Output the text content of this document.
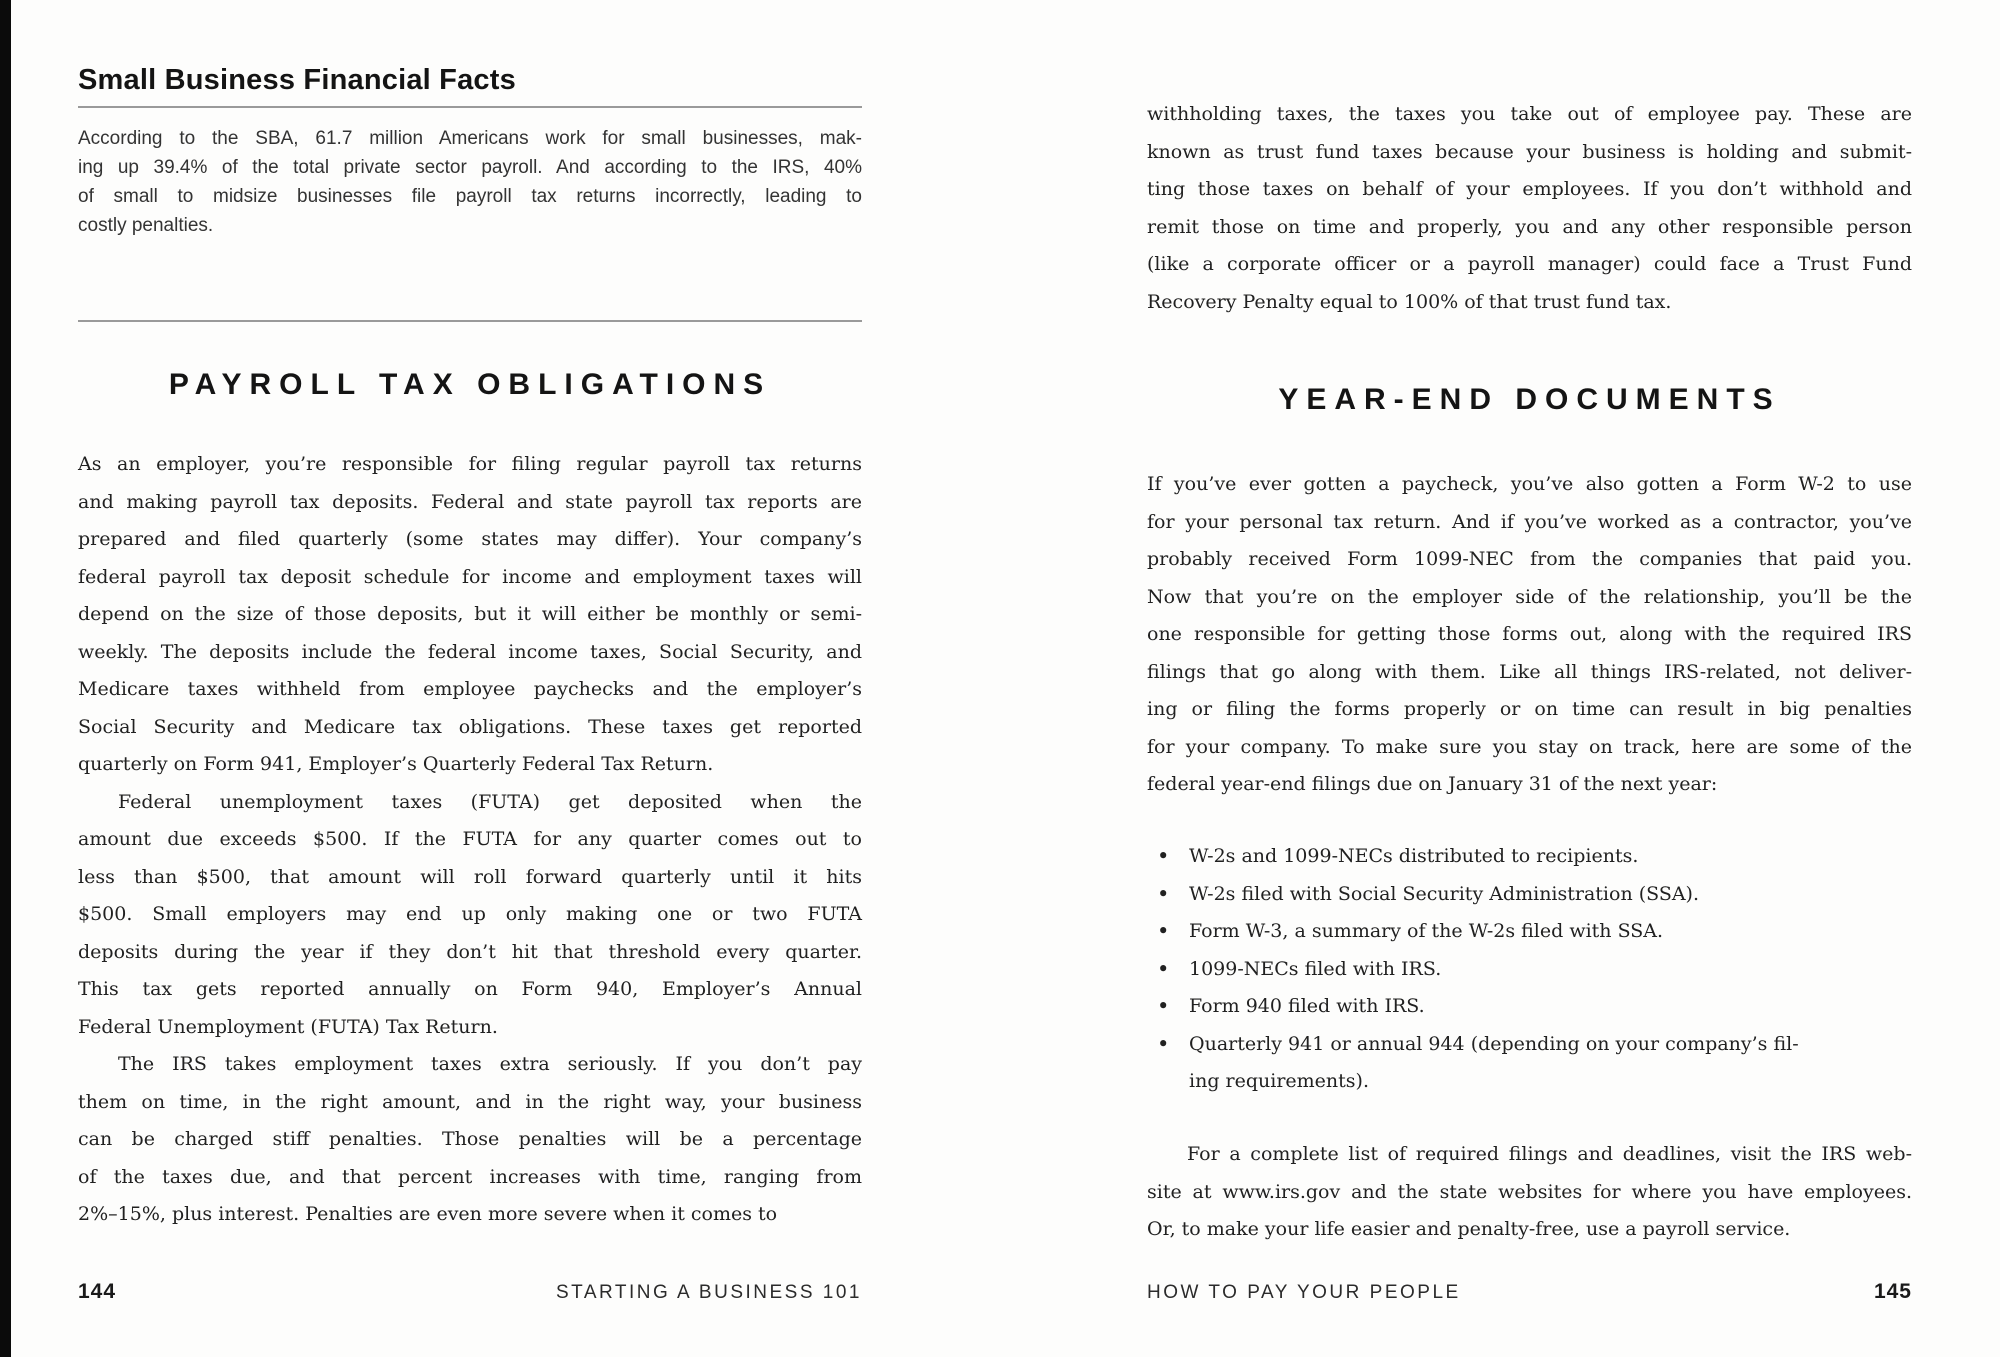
Small Business Financial Facts
According to the SBA, 61.7 million Americans work for small businesses, mak-
ing up 39.4% of the total private sector payroll. And according to the IRS, 40%
of small to midsize businesses file payroll tax returns incorrectly, leading to
costly penalties.
PAYROLL TAX OBLIGATIONS
As an employer, you’re responsible for filing regular payroll tax returns
and making payroll tax deposits. Federal and state payroll tax reports are
prepared and filed quarterly (some states may differ). Your company’s
federal payroll tax deposit schedule for income and employment taxes will
depend on the size of those deposits, but it will either be monthly or semi-
weekly. The deposits include the federal income taxes, Social Security, and
Medicare taxes withheld from employee paychecks and the employer’s
Social Security and Medicare tax obligations. These taxes get reported
quarterly on Form 941, Employer’s Quarterly Federal Tax Return.
Federal unemployment taxes (FUTA) get deposited when the
amount due exceeds $500. If the FUTA for any quarter comes out to
less than $500, that amount will roll forward quarterly until it hits
$500. Small employers may end up only making one or two FUTA
deposits during the year if they don’t hit that threshold every quarter.
This tax gets reported annually on Form 940, Employer’s Annual
Federal Unemployment (FUTA) Tax Return.
The IRS takes employment taxes extra seriously. If you don’t pay
them on time, in the right amount, and in the right way, your business
can be charged stiff penalties. Those penalties will be a percentage
of the taxes due, and that percent increases with time, ranging from
2%–15%, plus interest. Penalties are even more severe when it comes to
144	STARTING A BUSINESS 101
withholding taxes, the taxes you take out of employee pay. These are
known as trust fund taxes because your business is holding and submit-
ting those taxes on behalf of your employees. If you don’t withhold and
remit those on time and properly, you and any other responsible person
(like a corporate officer or a payroll manager) could face a Trust Fund
Recovery Penalty equal to 100% of that trust fund tax.
YEAR-END DOCUMENTS
If you’ve ever gotten a paycheck, you’ve also gotten a Form W-2 to use
for your personal tax return. And if you’ve worked as a contractor, you’ve
probably received Form 1099-NEC from the companies that paid you.
Now that you’re on the employer side of the relationship, you’ll be the
one responsible for getting those forms out, along with the required IRS
filings that go along with them. Like all things IRS-related, not deliver-
ing or filing the forms properly or on time can result in big penalties
for your company. To make sure you stay on track, here are some of the
federal year-end filings due on January 31 of the next year:
• W-2s and 1099-NECs distributed to recipients.
• W-2s filed with Social Security Administration (SSA).
• Form W-3, a summary of the W-2s filed with SSA.
• 1099-NECs filed with IRS.
• Form 940 filed with IRS.
• Quarterly 941 or annual 944 (depending on your company’s fil-
ing requirements).
For a complete list of required filings and deadlines, visit the IRS web-
site at www.irs.gov and the state websites for where you have employees.
Or, to make your life easier and penalty-free, use a payroll service.
HOW TO PAY YOUR PEOPLE	145
